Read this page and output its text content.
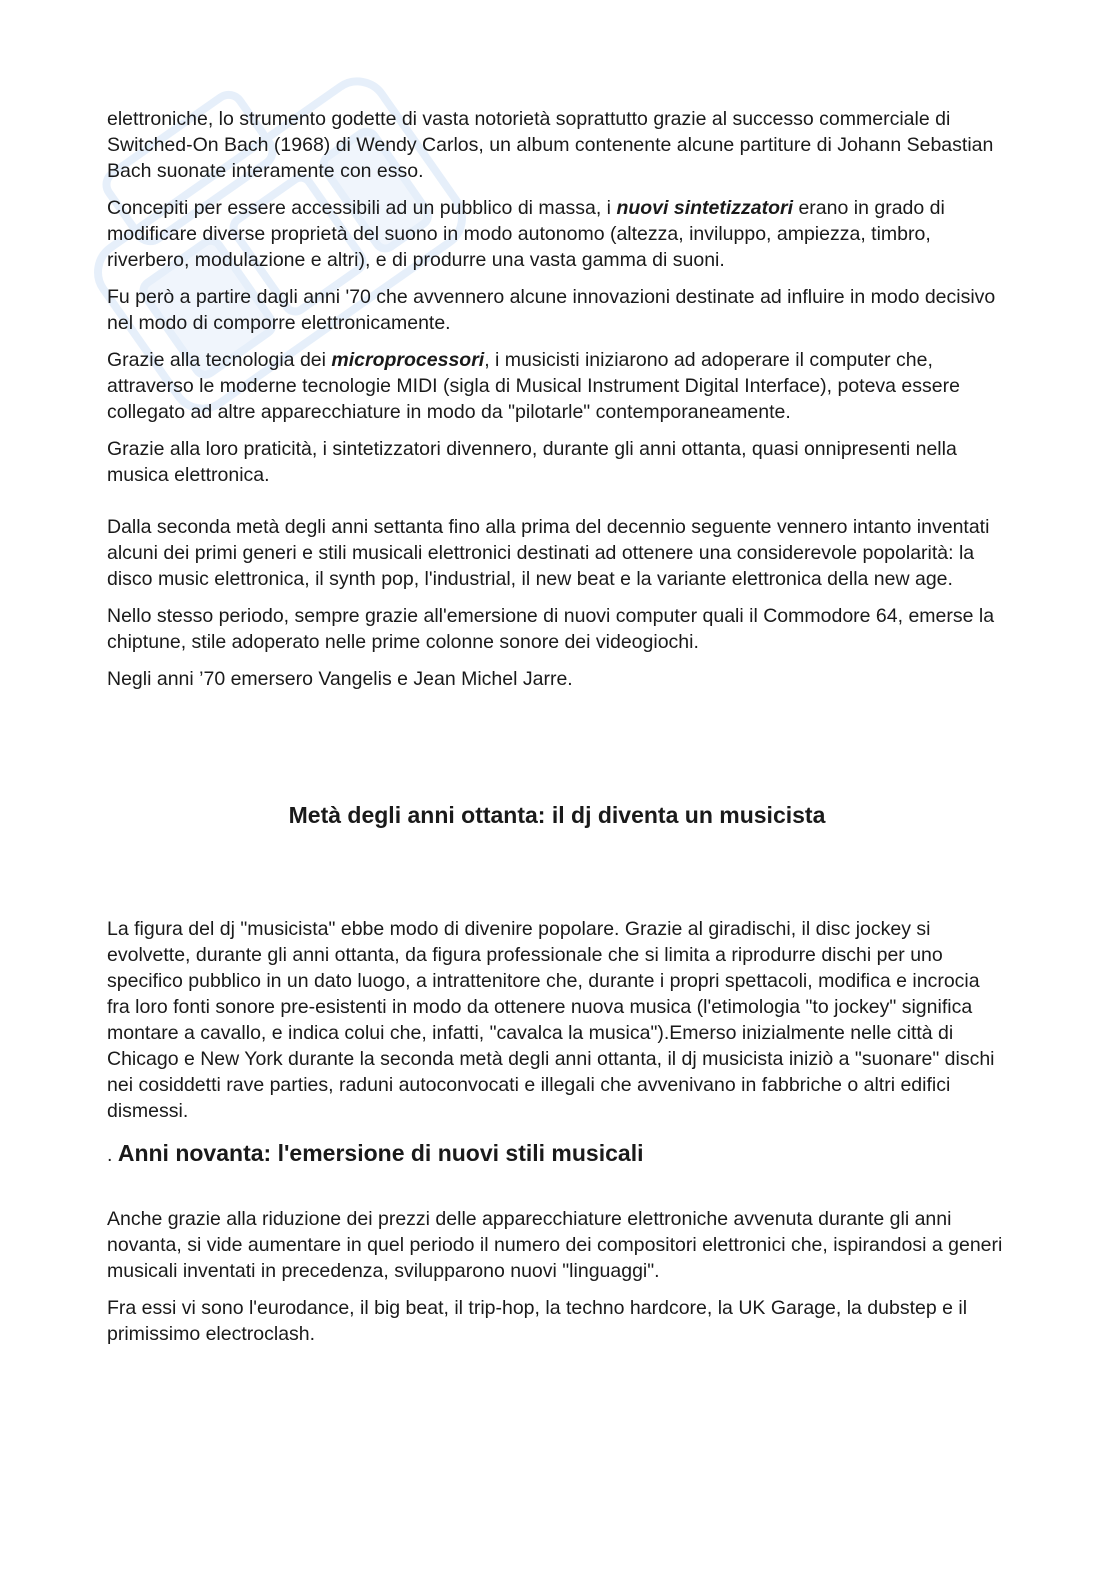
elettroniche, lo strumento godette di vasta notorietà soprattutto grazie al successo commerciale di Switched-On Bach (1968) di Wendy Carlos, un album contenente alcune partiture di Johann Sebastian Bach suonate interamente con esso.

Concepiti per essere accessibili ad un pubblico di massa, i nuovi sintetizzatori erano in grado di modificare diverse proprietà del suono in modo autonomo (altezza, inviluppo, ampiezza, timbro, riverbero, modulazione e altri), e di produrre una vasta gamma di suoni.

Fu però a partire dagli anni '70 che avvennero alcune innovazioni destinate ad influire in modo decisivo nel modo di comporre elettronicamente.

Grazie alla tecnologia dei microprocessori, i musicisti iniziarono ad adoperare il computer che, attraverso le moderne tecnologie MIDI (sigla di Musical Instrument Digital Interface), poteva essere collegato ad altre apparecchiature in modo da "pilotarle" contemporaneamente.

Grazie alla loro praticità, i sintetizzatori divennero, durante gli anni ottanta, quasi onnipresenti nella musica elettronica.

Dalla seconda metà degli anni settanta fino alla prima del decennio seguente vennero intanto inventati alcuni dei primi generi e stili musicali elettronici destinati ad ottenere una considerevole popolarità: la disco music elettronica, il synth pop, l'industrial, il new beat e la variante elettronica della new age.

Nello stesso periodo, sempre grazie all'emersione di nuovi computer quali il Commodore 64, emerse la chiptune, stile adoperato nelle prime colonne sonore dei videogiochi.

Negli anni ’70 emersero Vangelis e Jean Michel Jarre.

Metà degli anni ottanta: il dj diventa un musicista

La figura del dj "musicista" ebbe modo di divenire popolare. Grazie al giradischi, il disc jockey si evolvette, durante gli anni ottanta, da figura professionale che si limita a riprodurre dischi per uno specifico pubblico in un dato luogo, a intrattenitore che, durante i propri spettacoli, modifica e incrocia fra loro fonti sonore pre-esistenti in modo da ottenere nuova musica (l'etimologia "to jockey" significa montare a cavallo, e indica colui che, infatti, "cavalca la musica").Emerso inizialmente nelle città di Chicago e New York durante la seconda metà degli anni ottanta, il dj musicista iniziò a "suonare" dischi nei cosiddetti rave parties, raduni autoconvocati e illegali che avvenivano in fabbriche o altri edifici dismessi.

. Anni novanta: l'emersione di nuovi stili musicali

Anche grazie alla riduzione dei prezzi delle apparecchiature elettroniche avvenuta durante gli anni novanta, si vide aumentare in quel periodo il numero dei compositori elettronici che, ispirandosi a generi musicali inventati in precedenza, svilupparono nuovi "linguaggi".

Fra essi vi sono l'eurodance, il big beat, il trip-hop, la techno hardcore, la UK Garage, la dubstep e il primissimo electroclash.
